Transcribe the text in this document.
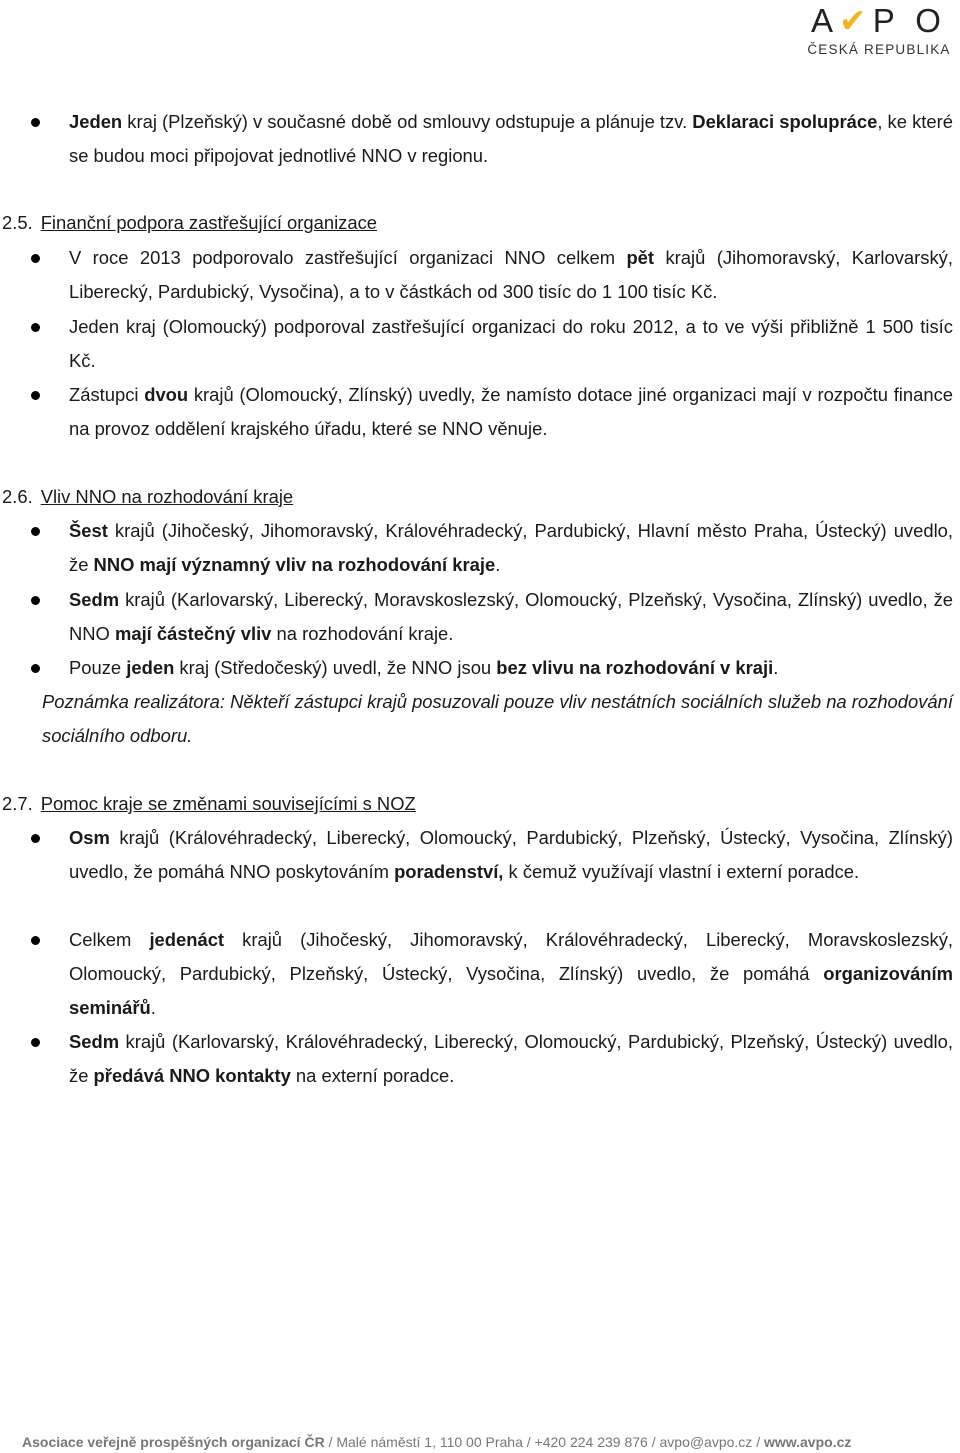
A✔P O
ČESKÁ REPUBLIKA
Jeden kraj (Plzeňský) v současné době od smlouvy odstupuje a plánuje tzv. Deklaraci spolupráce, ke které se budou moci připojovat jednotlivé NNO v regionu.
2.5. Finanční podpora zastřešující organizace
V roce 2013 podporovalo zastřešující organizaci NNO celkem pět krajů (Jihomoravský, Karlovarský, Liberecký, Pardubický, Vysočina), a to v částkách od 300 tisíc do 1 100 tisíc Kč.
Jeden kraj (Olomoucký) podporoval zastřešující organizaci do roku 2012, a to ve výši přibližně 1 500 tisíc Kč.
Zástupci dvou krajů (Olomoucký, Zlínský) uvedly, že namísto dotace jiné organizaci mají v rozpočtu finance na provoz oddělení krajského úřadu, které se NNO věnuje.
2.6. Vliv NNO na rozhodování kraje
Šest krajů (Jihočeský, Jihomoravský, Královéhradecký, Pardubický, Hlavní město Praha, Ústecký) uvedlo, že NNO mají významný vliv na rozhodování kraje.
Sedm krajů (Karlovarský, Liberecký, Moravskoslezský, Olomoucký, Plzeňský, Vysočina, Zlínský) uvedlo, že NNO mají částečný vliv na rozhodování kraje.
Pouze jeden kraj (Středočeský) uvedl, že NNO jsou bez vlivu na rozhodování v kraji.
Poznámka realizátora: Někteří zástupci krajů posuzovali pouze vliv nestátních sociálních služeb na rozhodování sociálního odboru.
2.7. Pomoc kraje se změnami souvisejícími s NOZ
Osm krajů (Královéhradecký, Liberecký, Olomoucký, Pardubický, Plzeňský, Ústecký, Vysočina, Zlínský) uvedlo, že pomáhá NNO poskytováním poradenství, k čemuž využívají vlastní i externí poradce.
Celkem jedenáct krajů (Jihočeský, Jihomoravský, Královéhradecký, Liberecký, Moravskoslezský, Olomoucký, Pardubický, Plzeňský, Ústecký, Vysočina, Zlínský) uvedlo, že pomáhá organizováním seminářů.
Sedm krajů (Karlovarský, Královéhradecký, Liberecký, Olomoucký, Pardubický, Plzeňský, Ústecký) uvedlo, že předává NNO kontakty na externí poradce.
Asociace veřejně prospěšných organizací ČR / Malé náměstí 1, 110 00 Praha / +420 224 239 876 / avpo@avpo.cz / www.avpo.cz
